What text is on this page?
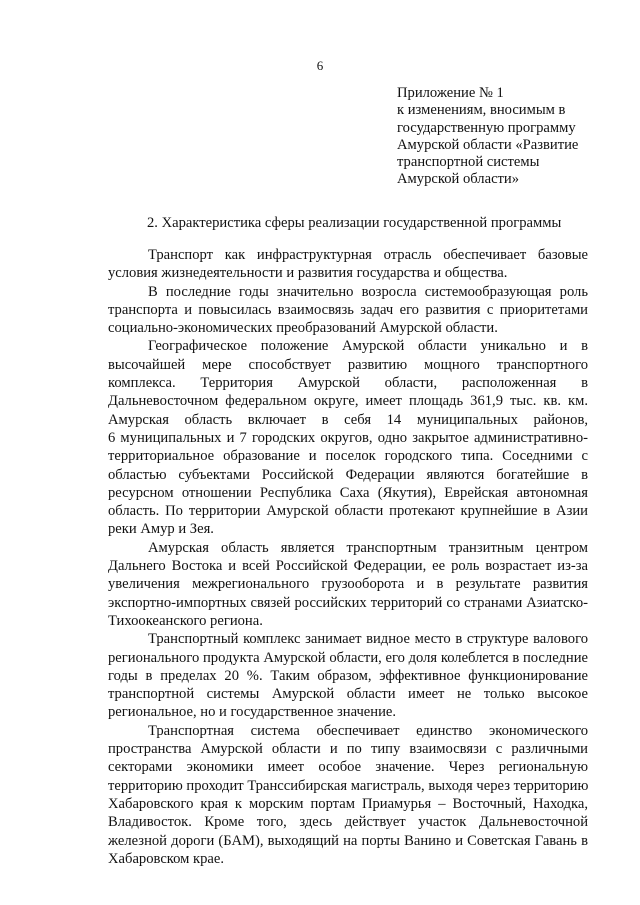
6
Приложение № 1
к изменениям, вносимым в
государственную программу
Амурской области «Развитие
транспортной системы
Амурской области»
2. Характеристика сферы реализации государственной программы
Транспорт как инфраструктурная отрасль обеспечивает базовые
условия жизнедеятельности и развития государства и общества.
В последние годы значительно возросла системообразующая роль
транспорта и повысилась взаимосвязь задач его развития с приоритетами
социально-экономических преобразований Амурской области.
Географическое положение Амурской области уникально и в
высочайшей мере способствует развитию мощного транспортного
комплекса. Территория Амурской области, расположенная в
Дальневосточном федеральном округе, имеет площадь 361,9 тыс. кв. км.
Амурская область включает в себя 14 муниципальных районов,
6 муниципальных и 7 городских округов, одно закрытое административно-
территориальное образование и поселок городского типа. Соседними с
областью субъектами Российской Федерации являются богатейшие в
ресурсном отношении Республика Саха (Якутия), Еврейская автономная
область. По территории Амурской области протекают крупнейшие в Азии
реки Амур и Зея.
Амурская область является транспортным транзитным центром
Дальнего Востока и всей Российской Федерации, ее роль возрастает из-за
увеличения межрегионального грузооборота и в результате развития
экспортно-импортных связей российских территорий со странами Азиатско-
Тихоокеанского региона.
Транспортный комплекс занимает видное место в структуре валового
регионального продукта Амурской области, его доля колеблется в последние
годы в пределах 20 %. Таким образом, эффективное функционирование
транспортной системы Амурской области имеет не только высокое
региональное, но и государственное значение.
Транспортная система обеспечивает единство экономического
пространства Амурской области и по типу взаимосвязи с различными
секторами экономики имеет особое значение. Через региональную
территорию проходит Транссибирская магистраль, выходя через территорию
Хабаровского края к морским портам Приамурья – Восточный, Находка,
Владивосток. Кроме того, здесь действует участок Дальневосточной
железной дороги (БАМ), выходящий на порты Ванино и Советская Гавань в
Хабаровском крае.
